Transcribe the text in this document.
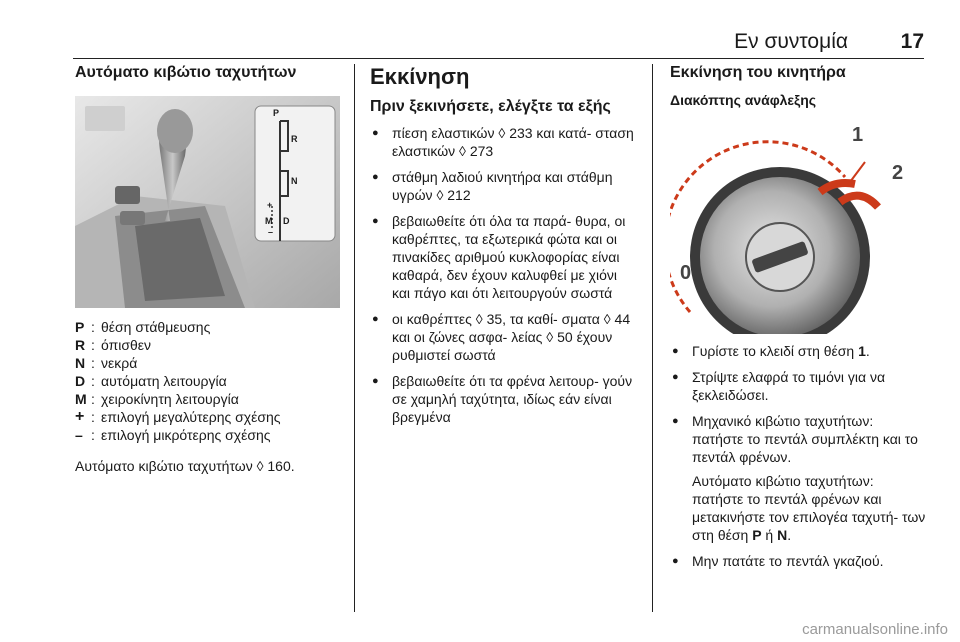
Εν συντομία	17
Αυτόματο κιβώτιο ταχυτήτων
P
R
N
M D
+
–
P : θέση στάθμευσης
R : όπισθεν
N : νεκρά
D : αυτόματη λειτουργία
M : χειροκίνητη λειτουργία
+ : επιλογή μεγαλύτερης σχέσης
– : επιλογή μικρότερης σχέσης
Αυτόματο κιβώτιο ταχυτήτων ◊ 160.
Εκκίνηση
Πριν ξεκινήσετε, ελέγξτε τα εξής
● πίεση ελαστικών ◊ 233 και κατά- σταση ελαστικών ◊ 273
● στάθμη λαδιού κινητήρα και στάθμη υγρών ◊ 212
● βεβαιωθείτε ότι όλα τα παρά- θυρα, οι καθρέπτες, τα εξωτερικά φώτα και οι πινακίδες αριθμού κυκλοφορίας είναι καθαρά, δεν έχουν καλυφθεί με χιόνι και πάγο και ότι λειτουργούν σωστά
● οι καθρέπτες ◊ 35, τα καθί- σματα ◊ 44 και οι ζώνες ασφα- λείας ◊ 50 έχουν ρυθμιστεί σωστά
● βεβαιωθείτε ότι τα φρένα λειτουρ- γούν σε χαμηλή ταχύτητα, ιδίως εάν είναι βρεγμένα
Εκκίνηση του κινητήρα
Διακόπτης ανάφλεξης
1
2
0
● Γυρίστε το κλειδί στη θέση 1.
● Στρίψτε ελαφρά το τιμόνι για να ξεκλειδώσει.
● Μηχανικό κιβώτιο ταχυτήτων: πατήστε το πεντάλ συμπλέκτη και το πεντάλ φρένων.
Αυτόματο κιβώτιο ταχυτήτων: πατήστε το πεντάλ φρένων και μετακινήστε τον επιλογέα ταχυτή- των στη θέση P ή N.
● Μην πατάτε το πεντάλ γκαζιού.
carmanualsonline.info
